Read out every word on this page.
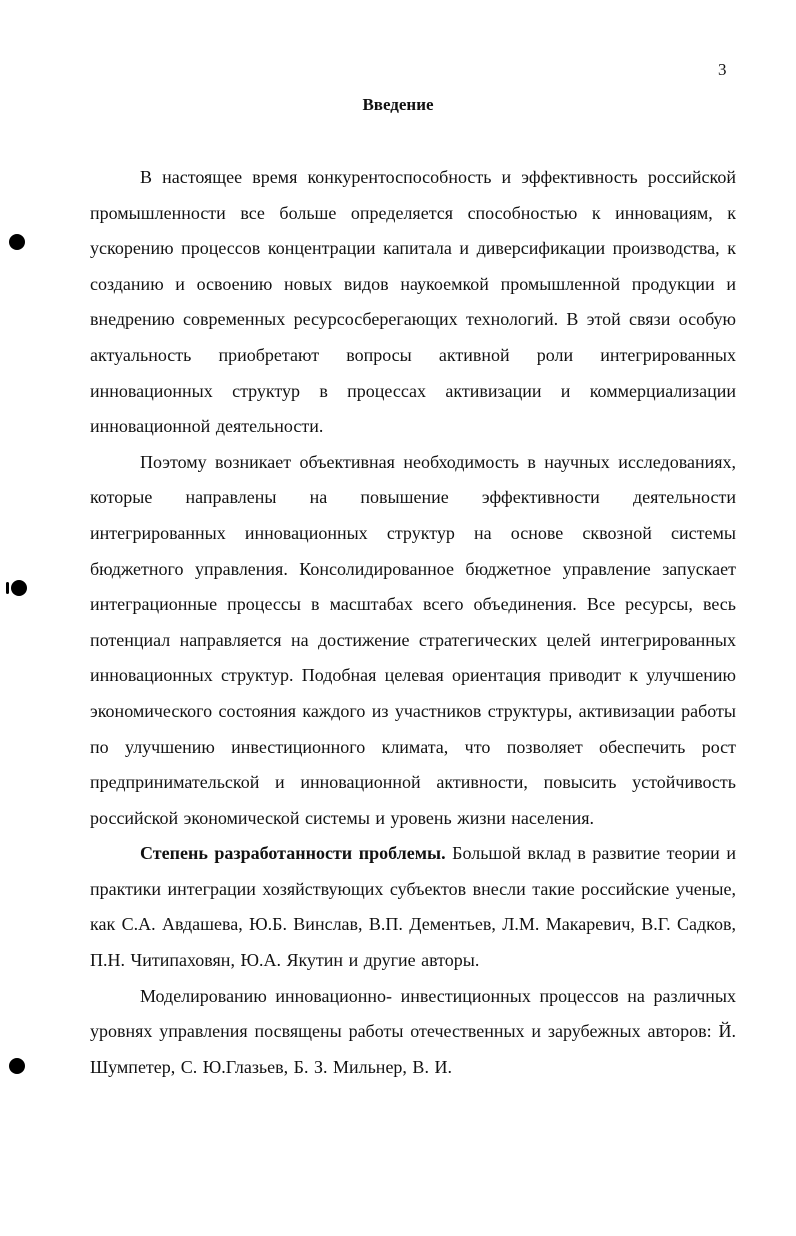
3
Введение

В настоящее время конкурентоспособность и эффективность российской промышленности все больше определяется способностью к инновациям, к ускорению процессов концентрации капитала и диверсификации производства, к созданию и освоению новых видов наукоемкой промышленной продукции и внедрению современных ресурсосберегающих технологий. В этой связи особую актуальность приобретают вопросы активной роли интегрированных инновационных структур в процессах активизации и коммерциализации инновационной деятельности.

Поэтому возникает объективная необходимость в научных исследованиях, которые направлены на повышение эффективности деятельности интегрированных инновационных структур на основе сквозной системы бюджетного управления. Консолидированное бюджетное управление запускает интеграционные процессы в масштабах всего объединения. Все ресурсы, весь потенциал направляется на достижение стратегических целей интегрированных инновационных структур. Подобная целевая ориентация приводит к улучшению экономического состояния каждого из участников структуры, активизации работы по улучшению инвестиционного климата, что позволяет обеспечить рост предпринимательской и инновационной активности, повысить устойчивость российской экономической системы и уровень жизни населения.

Степень разработанности проблемы. Большой вклад в развитие теории и практики интеграции хозяйствующих субъектов внесли такие российские ученые, как С.А. Авдашева, Ю.Б. Винслав, В.П. Дементьев, Л.М. Макаревич, В.Г. Садков, П.Н. Читипаховян, Ю.А. Якутин и другие авторы.

Моделированию инновационно- инвестиционных процессов на различных уровнях управления посвящены работы отечественных и зарубежных авторов: Й. Шумпетер, С. Ю.Глазьев, Б. З. Мильнер, В. И.
